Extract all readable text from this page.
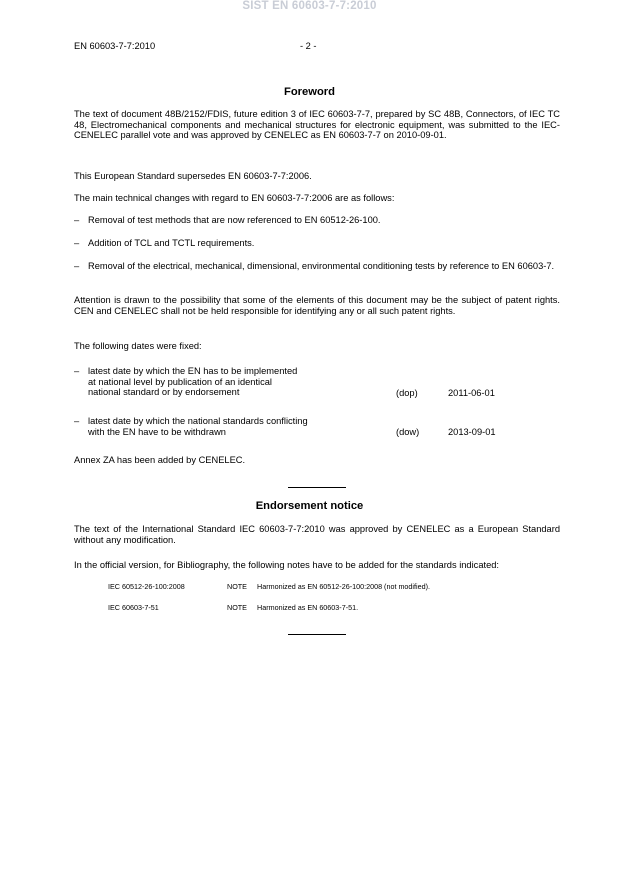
SIST EN 60603-7-7:2010
EN 60603-7-7:2010	- 2 -
Foreword
The text of document 48B/2152/FDIS, future edition 3 of IEC 60603-7-7, prepared by SC 48B, Connectors, of IEC TC 48, Electromechanical components and mechanical structures for electronic equipment, was submitted to the IEC-CENELEC parallel vote and was approved by CENELEC as EN 60603-7-7 on 2010-09-01.
This European Standard supersedes EN 60603-7-7:2006.
The main technical changes with regard to EN 60603-7-7:2006 are as follows:
– Removal of test methods that are now referenced to EN 60512-26-100.
– Addition of TCL and TCTL requirements.
– Removal of the electrical, mechanical, dimensional, environmental conditioning tests by reference to EN 60603-7.
Attention is drawn to the possibility that some of the elements of this document may be the subject of patent rights. CEN and CENELEC shall not be held responsible for identifying any or all such patent rights.
The following dates were fixed:
– latest date by which the EN has to be implemented
at national level by publication of an identical
national standard or by endorsement	(dop)	2011-06-01
– latest date by which the national standards conflicting
with the EN have to be withdrawn	(dow)	2013-09-01
Annex ZA has been added by CENELEC.
Endorsement notice
The text of the International Standard IEC 60603-7-7:2010 was approved by CENELEC as a European Standard without any modification.
In the official version, for Bibliography, the following notes have to be added for the standards indicated:
IEC 60512-26-100:2008	NOTE Harmonized as EN 60512-26-100:2008 (not modified).
IEC 60603-7-51	NOTE Harmonized as EN 60603-7-51.
